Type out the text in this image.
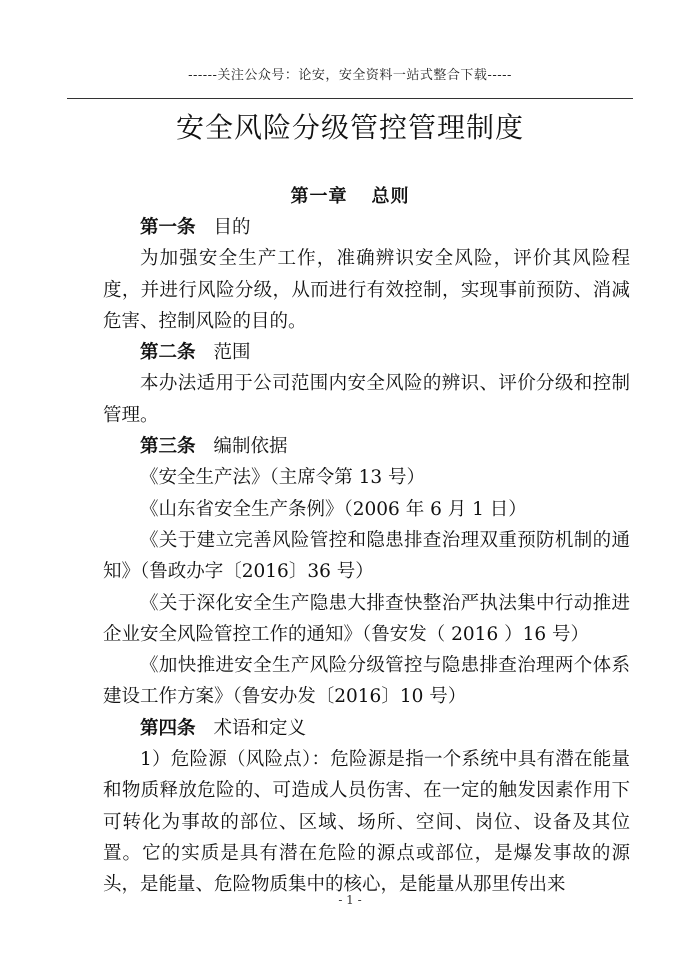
------关注公众号：论安，安全资料一站式整合下载-----
安全风险分级管控管理制度
第一章 总则

第一条 目的

为加强安全生产工作，准确辨识安全风险，评价其风险程度，并进行风险分级，从而进行有效控制，实现事前预防、消减危害、控制风险的目的。

第二条 范围

本办法适用于公司范围内安全风险的辨识、评价分级和控制管理。

第三条 编制依据

《安全生产法》（主席令第 13 号）

《山东省安全生产条例》（2006 年 6 月 1 日）

《关于建立完善风险管控和隐患排查治理双重预防机制的通知》（鲁政办字〔2016〕36 号）

《关于深化安全生产隐患大排查快整治严执法集中行动推进企业安全风险管控工作的通知》（鲁安发（ 2016 ）16 号）

《加快推进安全生产风险分级管控与隐患排查治理两个体系建设工作方案》（鲁安办发〔2016〕10 号）

第四条 术语和定义

1）危险源（风险点）：危险源是指一个系统中具有潜在能量和物质释放危险的、可造成人员伤害、在一定的触发因素作用下可转化为事故的部位、区域、场所、空间、岗位、设备及其位置。它的实质是具有潜在危险的源点或部位，是爆发事故的源头，是能量、危险物质集中的核心，是能量从那里传出来

- 1 -
